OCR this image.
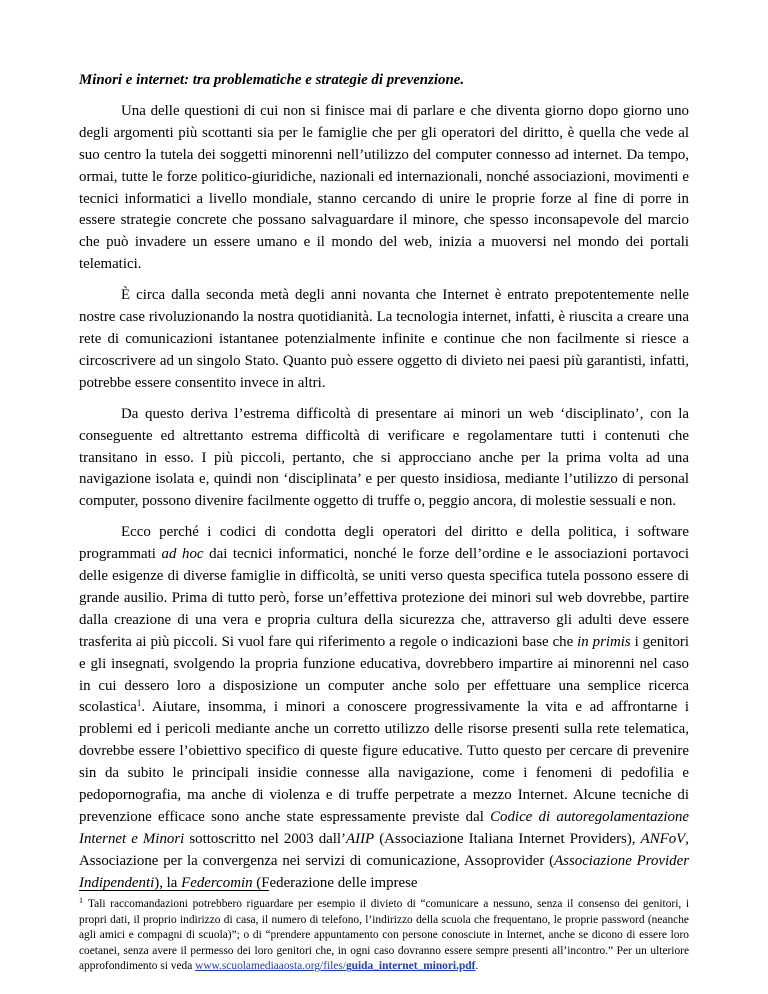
Minori e internet: tra problematiche e strategie di prevenzione.
Una delle questioni di cui non si finisce mai di parlare e che diventa giorno dopo giorno uno degli argomenti più scottanti sia per le famiglie che per gli operatori del diritto, è quella che vede al suo centro la tutela dei soggetti minorenni nell’utilizzo del computer connesso ad internet. Da tempo, ormai, tutte le forze politico-giuridiche, nazionali ed internazionali, nonché associazioni, movimenti e tecnici informatici a livello mondiale, stanno cercando di unire le proprie forze al fine di porre in essere strategie concrete che possano salvaguardare il minore, che spesso inconsapevole del marcio che può invadere un essere umano e il mondo del web, inizia a muoversi nel mondo dei portali telematici.
È circa dalla seconda metà degli anni novanta che Internet è entrato prepotentemente nelle nostre case rivoluzionando la nostra quotidianità. La tecnologia internet, infatti, è riuscita a creare una rete di comunicazioni istantanee potenzialmente infinite e continue che non facilmente si riesce a circoscrivere ad un singolo Stato. Quanto può essere oggetto di divieto nei paesi più garantisti, infatti, potrebbe essere consentito invece in altri.
Da questo deriva l’estrema difficoltà di presentare ai minori un web ‘disciplinato’, con la conseguente ed altrettanto estrema difficoltà di verificare e regolamentare tutti i contenuti che transitano in esso. I più piccoli, pertanto, che si approcciano anche per la prima volta ad una navigazione isolata e, quindi non ‘disciplinata’ e per questo insidiosa, mediante l’utilizzo di personal computer, possono divenire facilmente oggetto di truffe o, peggio ancora, di molestie sessuali e non.
Ecco perché i codici di condotta degli operatori del diritto e della politica, i software programmati ad hoc dai tecnici informatici, nonché le forze dell’ordine e le associazioni portavoci delle esigenze di diverse famiglie in difficoltà, se uniti verso questa specifica tutela possono essere di grande ausilio. Prima di tutto però, forse un’effettiva protezione dei minori sul web dovrebbe, partire dalla creazione di una vera e propria cultura della sicurezza che, attraverso gli adulti deve essere trasferita ai più piccoli. Si vuol fare qui riferimento a regole o indicazioni base che in primis i genitori e gli insegnati, svolgendo la propria funzione educativa, dovrebbero impartire ai minorenni nel caso in cui dessero loro a disposizione un computer anche solo per effettuare una semplice ricerca scolastica$^1$. Aiutare, insomma, i minori a conoscere progressivamente la vita e ad affrontarne i problemi ed i pericoli mediante anche un corretto utilizzo delle risorse presenti sulla rete telematica, dovrebbe essere l’obiettivo specifico di queste figure educative. Tutto questo per cercare di prevenire sin da subito le principali insidie connesse alla navigazione, come i fenomeni di pedofilia e pedopornografia, ma anche di violenza e di truffe perpetrate a mezzo Internet. Alcune tecniche di prevenzione efficace sono anche state espressamente previste dal Codice di autoregolamentazione Internet e Minori sottoscritto nel 2003 dall’AIIP (Associazione Italiana Internet Providers), ANFoV, Associazione per la convergenza nei servizi di comunicazione, Assoprovider (Associazione Provider Indipendenti), la Federcomin (Federazione delle imprese
$^1$ Tali raccomandazioni potrebbero riguardare per esempio il divieto di “comunicare a nessuno, senza il consenso dei genitori, i propri dati, il proprio indirizzo di casa, il numero di telefono, l’indirizzo della scuola che frequentano, le proprie password (neanche agli amici e compagni di scuola)”; o di “prendere appuntamento con persone conosciute in Internet, anche se dicono di essere loro coetanei, senza avere il permesso dei loro genitori che, in ogni caso dovranno essere sempre presenti all’incontro.” Per un ulteriore approfondimento si veda www.scuolamediaaosta.org/files/guida_internet_minori.pdf.
